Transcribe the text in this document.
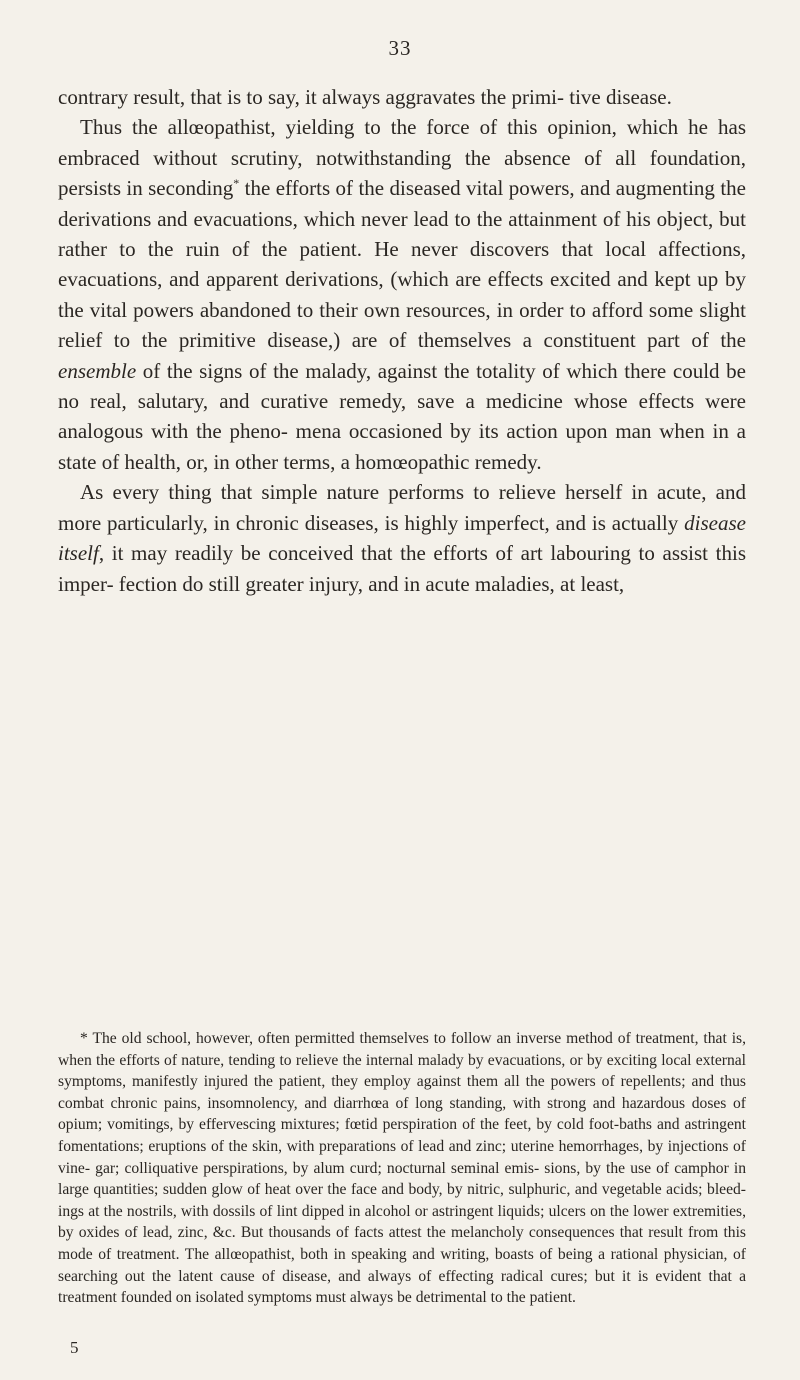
33

contrary result, that is to say, it always aggravates the primi- tive disease.

Thus the allœopathist, yielding to the force of this opinion, which he has embraced without scrutiny, notwithstanding the absence of all foundation, persists in seconding* the efforts of the diseased vital powers, and augmenting the derivations and evacuations, which never lead to the attainment of his object, but rather to the ruin of the patient. He never discovers that local affections, evacuations, and apparent derivations, (which are effects excited and kept up by the vital powers abandoned to their own resources, in order to afford some slight relief to the primitive disease,) are of themselves a constituent part of the ensemble of the signs of the malady, against the totality of which there could be no real, salutary, and curative remedy, save a medicine whose effects were analogous with the pheno- mena occasioned by its action upon man when in a state of health, or, in other terms, a homœopathic remedy.

As every thing that simple nature performs to relieve herself in acute, and more particularly, in chronic diseases, is highly imperfect, and is actually disease itself, it may readily be conceived that the efforts of art labouring to assist this imper- fection do still greater injury, and in acute maladies, at least,

* The old school, however, often permitted themselves to follow an inverse method of treatment, that is, when the efforts of nature, tending to relieve the internal malady by evacuations, or by exciting local external symptoms, manifestly injured the patient, they employ against them all the powers of repellents; and thus combat chronic pains, insomnolency, and diarrhœa of long standing, with strong and hazardous doses of opium; vomitings, by effervescing mixtures; fœtid perspiration of the feet, by cold foot-baths and astringent fomentations; eruptions of the skin, with preparations of lead and zinc; uterine hemorrhages, by injections of vine- gar; colliquative perspirations, by alum curd; nocturnal seminal emis- sions, by the use of camphor in large quantities; sudden glow of heat over the face and body, by nitric, sulphuric, and vegetable acids; bleed- ings at the nostrils, with dossils of lint dipped in alcohol or astringent liquids; ulcers on the lower extremities, by oxides of lead, zinc, &c. But thousands of facts attest the melancholy consequences that result from this mode of treatment. The allœopathist, both in speaking and writing, boasts of being a rational physician, of searching out the latent cause of disease, and always of effecting radical cures; but it is evident that a treatment founded on isolated symptoms must always be detrimental to the patient.
5
